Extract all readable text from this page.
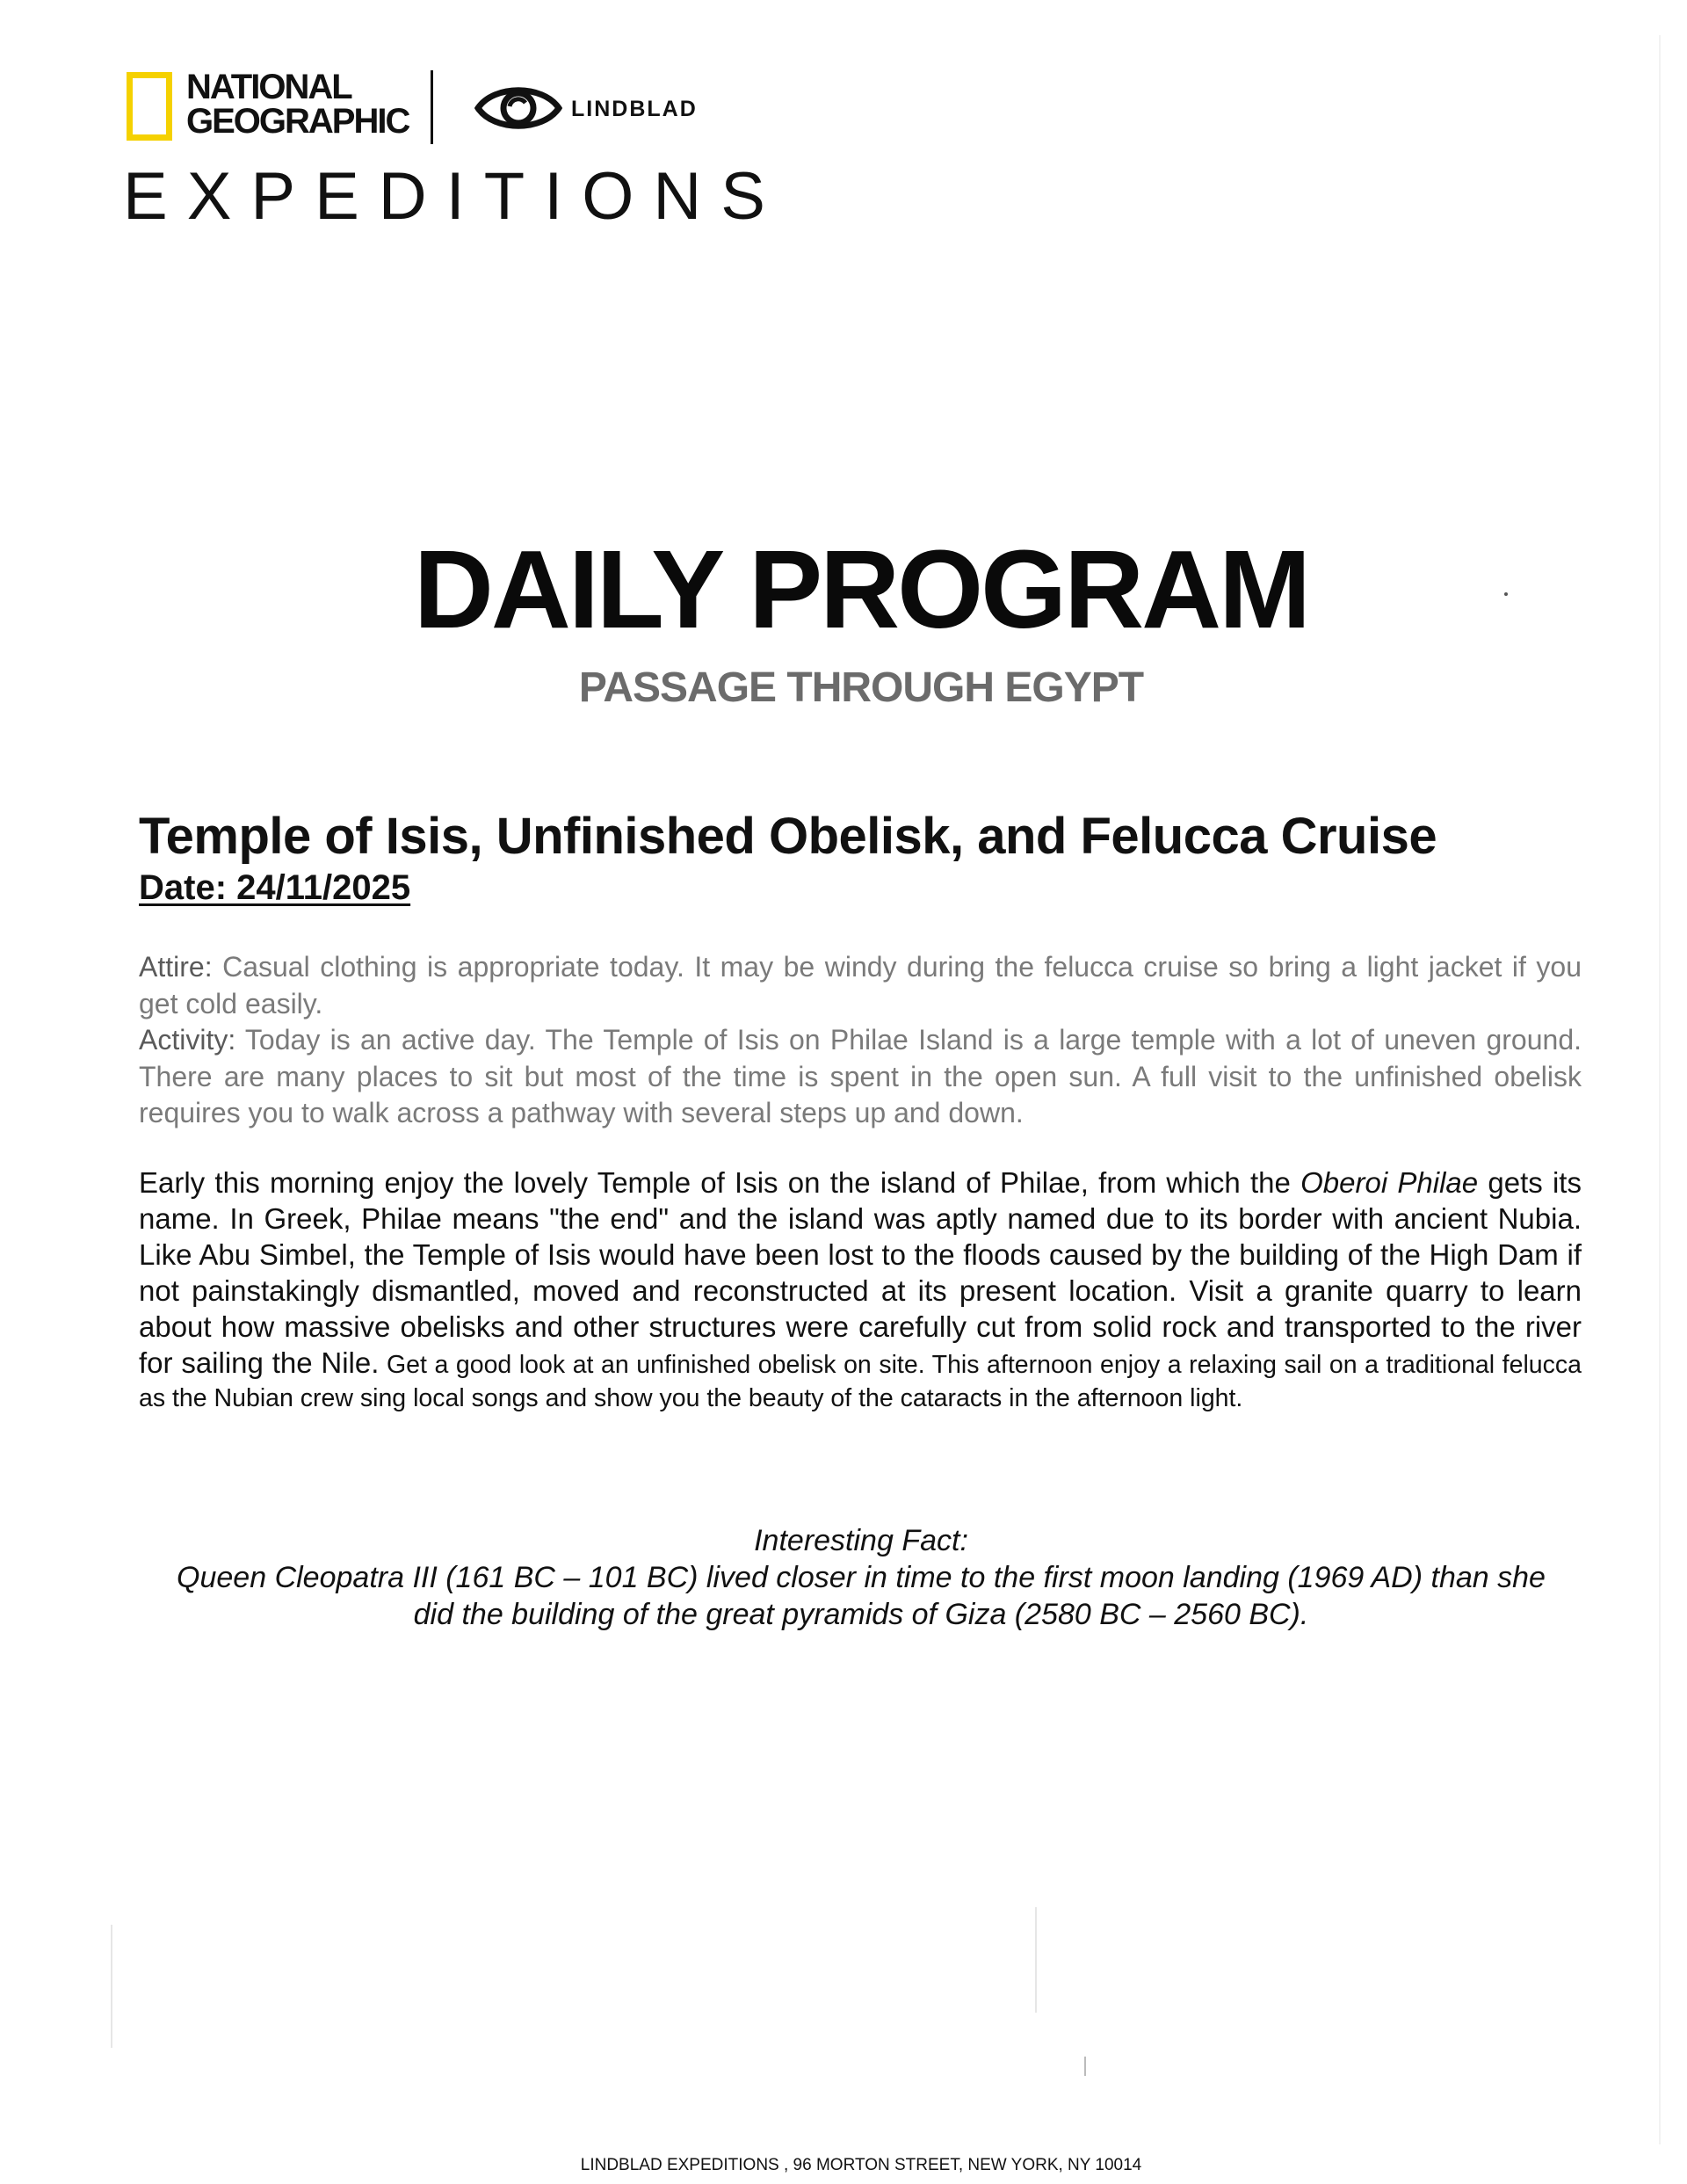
NATIONAL
GEOGRAPHIC	LINDBLAD
EXPEDITIONS
DAILY PROGRAM
PASSAGE THROUGH EGYPT
Temple of Isis, Unfinished Obelisk, and Felucca Cruise
Date: 24/11/2025

Attire: Casual clothing is appropriate today. It may be windy during the felucca cruise so bring a light jacket if you get cold easily.

Activity: Today is an active day. The Temple of Isis on Philae Island is a large temple with a lot of uneven ground. There are many places to sit but most of the time is spent in the open sun. A full visit to the unfinished obelisk requires you to walk across a pathway with several steps up and down.

Early this morning enjoy the lovely Temple of Isis on the island of Philae, from which the Oberoi Philae gets its name. In Greek, Philae means "the end" and the island was aptly named due to its border with ancient Nubia. Like Abu Simbel, the Temple of Isis would have been lost to the floods caused by the building of the High Dam if not painstakingly dismantled, moved and reconstructed at its present location. Visit a granite quarry to learn about how massive obelisks and other structures were carefully cut from solid rock and transported to the river for sailing the Nile. Get a good look at an unfinished obelisk on site. This afternoon enjoy a relaxing sail on a traditional felucca as the Nubian crew sing local songs and show you the beauty of the cataracts in the afternoon light.
Interesting Fact:
Queen Cleopatra III (161 BC – 101 BC) lived closer in time to the first moon landing (1969 AD) than she
did the building of the great pyramids of Giza (2580 BC – 2560 BC).
LINDBLAD EXPEDITIONS , 96 MORTON STREET, NEW YORK, NY 10014
